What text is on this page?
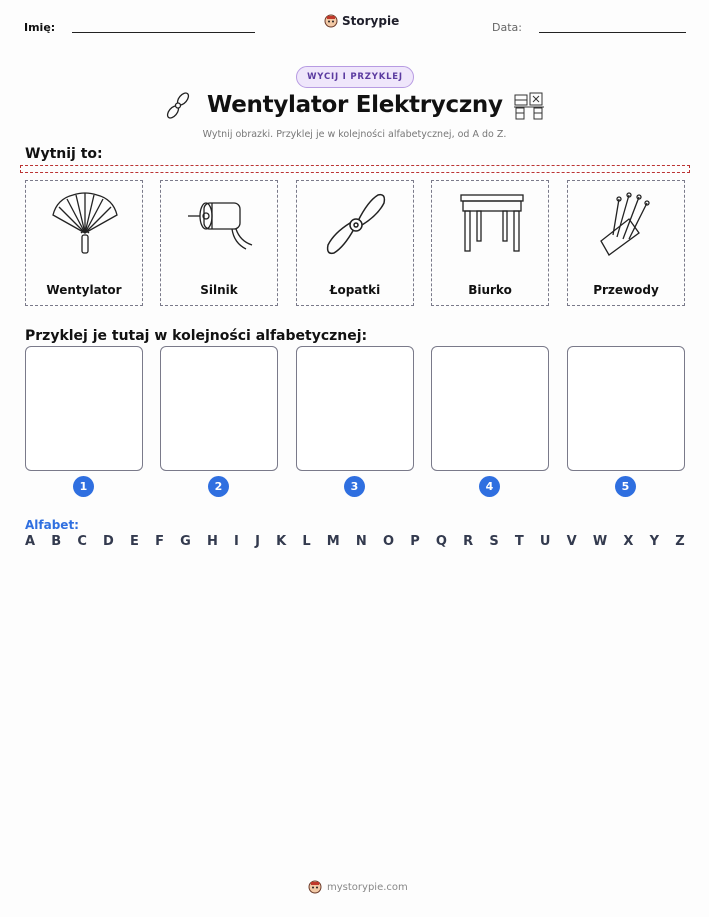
Imię:	Storypie	Data:
WYCIJ I PRZYKLEJ
Wentylator Elektryczny
Wytnij obrazki. Przyklej je w kolejności alfabetycznej, od A do Z.
Wytnij to:
Wentylator	Silnik	Łopatki	Biurko	Przewody
Przyklej je tutaj w kolejności alfabetycznej:
1	2	3	4	5
Alfabet:
A B C D E F G H I J K L M N O P Q R S T U V W X Y Z
mystorypie.com
